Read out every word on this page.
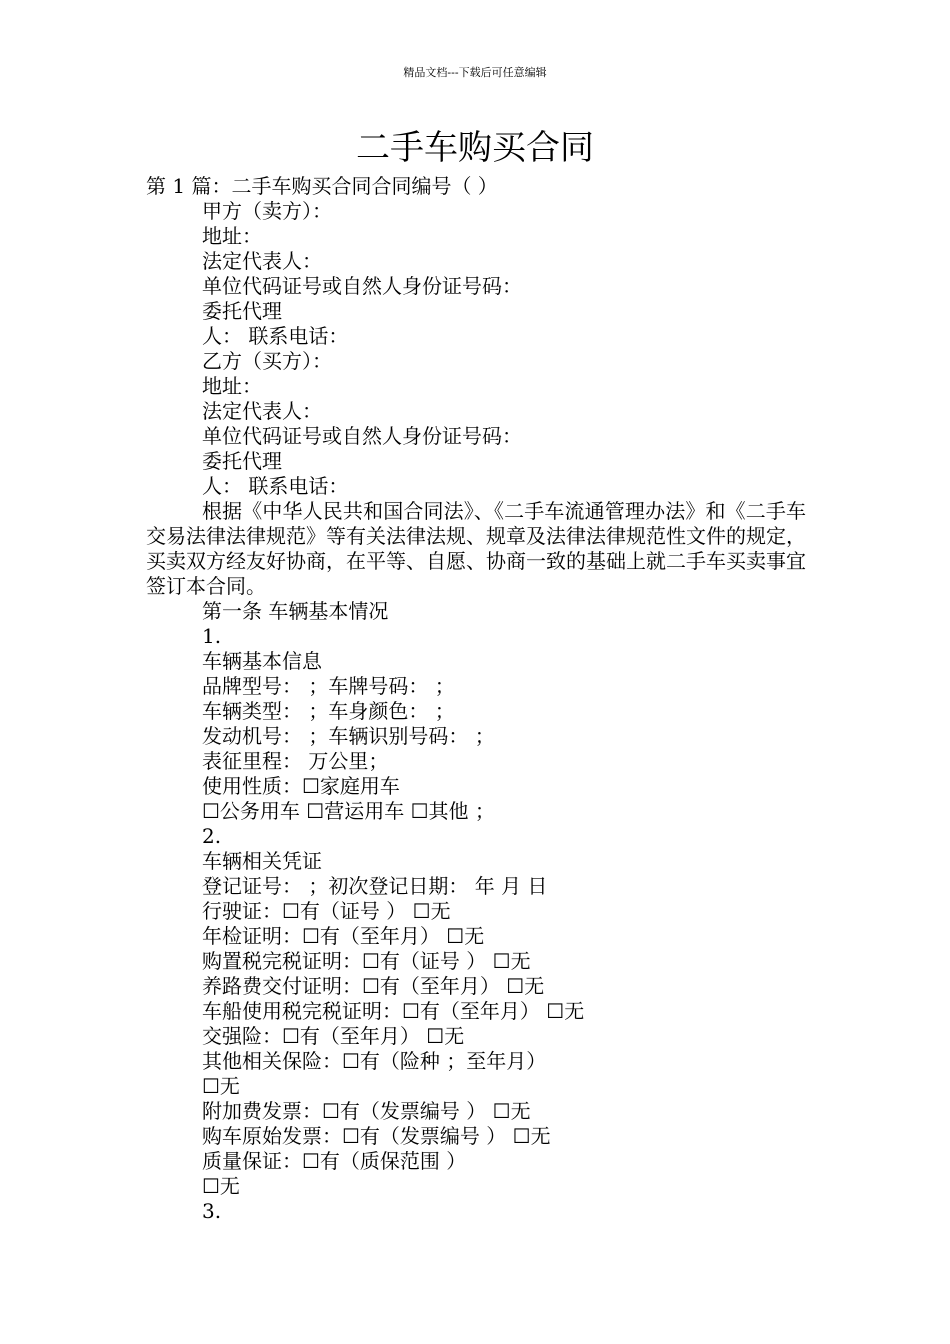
精品文档---下载后可任意编辑
二手车购买合同
第 1 篇：二手车购买合同合同编号（ ）
甲方（卖方）：
地址：
法定代表人：
单位代码证号或自然人身份证号码：
委托代理
人： 联系电话：
乙方（买方）：
地址：
法定代表人：
单位代码证号或自然人身份证号码：
委托代理
人： 联系电话：
根据《中华人民共和国合同法》、《二手车流通管理办法》和《二手车交易法律法律规范》等有关法律法规、规章及法律法律规范性文件的规定，买卖双方经友好协商，在平等、自愿、协商一致的基础上就二手车买卖事宜签订本合同。
第一条 车辆基本情况
1.
车辆基本信息
品牌型号： ；车牌号码： ；
车辆类型： ；车身颜色： ；
发动机号： ；车辆识别号码： ；
表征里程： 万公里；
使用性质：☐家庭用车
☐公务用车 ☐营运用车 ☐其他 ；
2.
车辆相关凭证
登记证号： ；初次登记日期： 年 月 日
行驶证：☐有（证号 ） ☐无
年检证明：☐有（至年月） ☐无
购置税完税证明：☐有（证号 ） ☐无
养路费交付证明：☐有（至年月） ☐无
车船使用税完税证明：☐有（至年月） ☐无
交强险：☐有（至年月） ☐无
其他相关保险：☐有（险种 ；至年月）
☐无
附加费发票：☐有（发票编号 ） ☐无
购车原始发票：☐有（发票编号 ） ☐无
质量保证：☐有（质保范围 ）
☐无
3.
